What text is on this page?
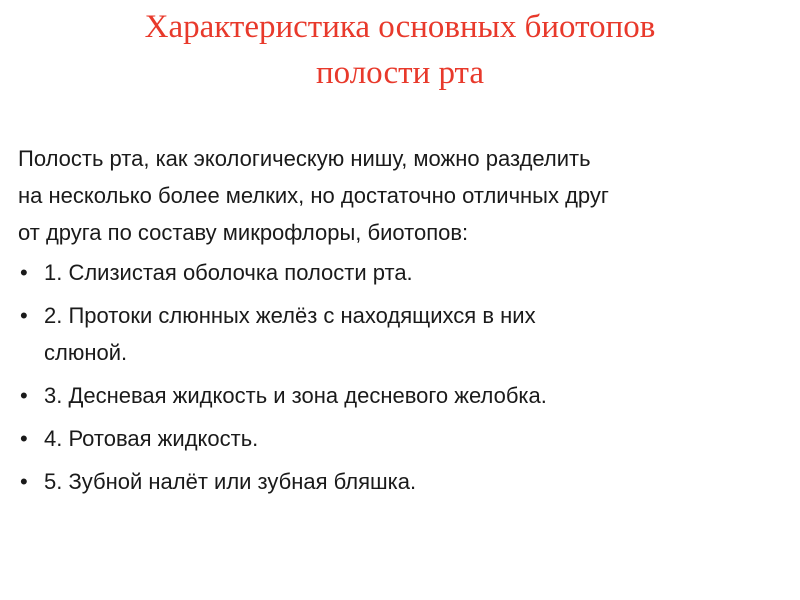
Характеристика основных биотопов
полости рта

Полость рта, как экологическую нишу, можно разделить
на несколько более мелких, но достаточно отличных друг
от друга по составу микрофлоры, биотопов:

• 1. Слизистая оболочка полости рта.
• 2. Протоки слюнных желёз с находящихся в них
слюной.
• 3. Десневая жидкость и зона десневого желобка.
• 4. Ротовая жидкость.
• 5. Зубной налёт или зубная бляшка.
